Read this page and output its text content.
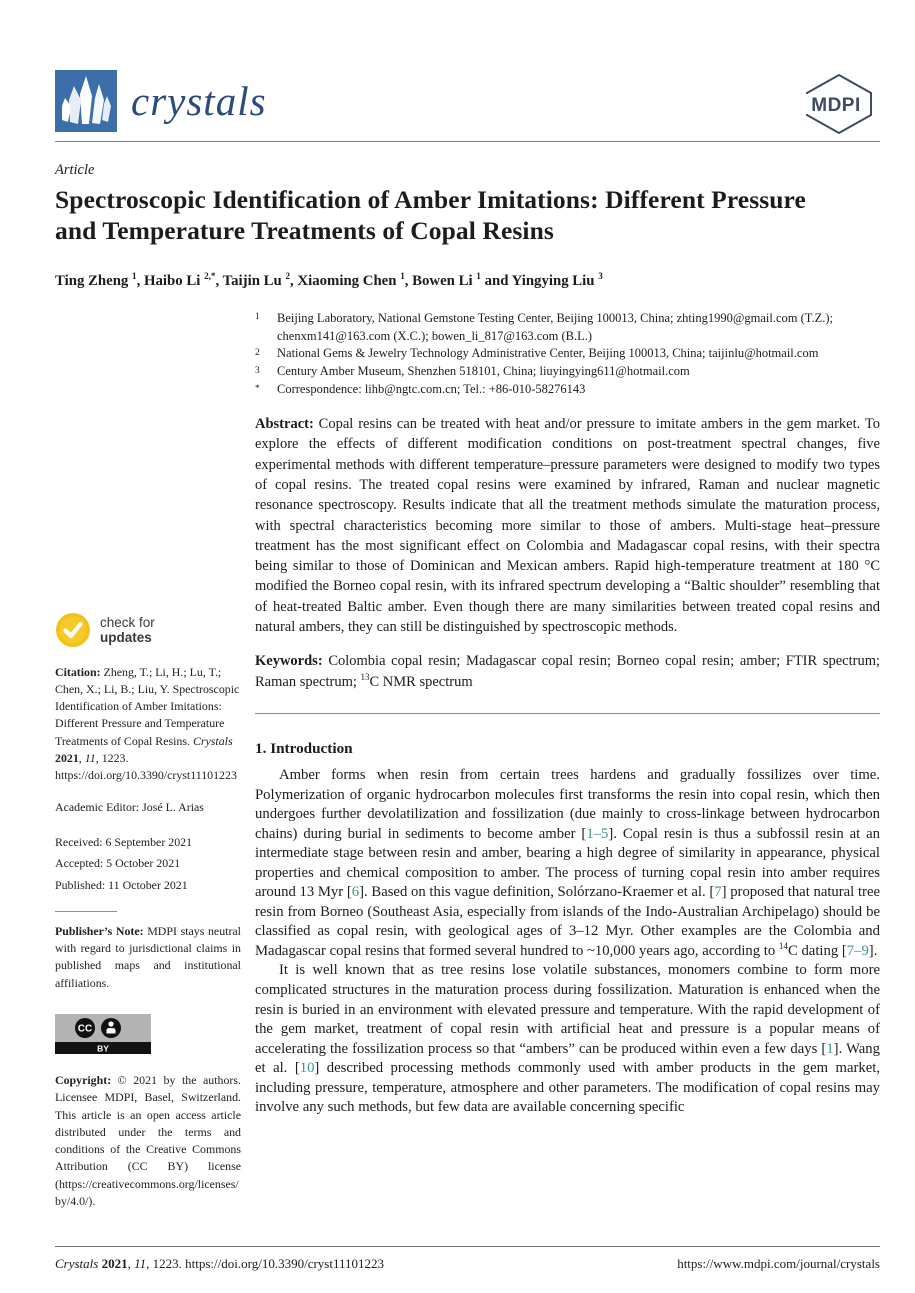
crystals	MDPI
Article
Spectroscopic Identification of Amber Imitations: Different Pressure and Temperature Treatments of Copal Resins
Ting Zheng $^1$, Haibo Li $^{2,*}$, Taijin Lu $^2$, Xiaoming Chen $^1$, Bowen Li $^1$ and Yingying Liu $^3$
check for
updates
Citation: Zheng, T.; Li, H.; Lu, T.; Chen, X.; Li, B.; Liu, Y. Spectroscopic Identification of Amber Imitations: Different Pressure and Temperature Treatments of Copal Resins. Crystals 2021, 11, 1223. https://doi.org/10.3390/cryst11101223
Academic Editor: José L. Arias
Received: 6 September 2021
Accepted: 5 October 2021
Published: 11 October 2021
Publisher’s Note: MDPI stays neutral with regard to jurisdictional claims in published maps and institutional affiliations.
CC
BY
Copyright: © 2021 by the authors. Licensee MDPI, Basel, Switzerland. This article is an open access article distributed under the terms and conditions of the Creative Commons Attribution (CC BY) license (https://creativecommons.org/licenses/by/4.0/).
1	Beijing Laboratory, National Gemstone Testing Center, Beijing 100013, China; zhting1990@gmail.com (T.Z.); chenxm141@163.com (X.C.); bowen_li_817@163.com (B.L.)
2	National Gems & Jewelry Technology Administrative Center, Beijing 100013, China; taijinlu@hotmail.com
3	Century Amber Museum, Shenzhen 518101, China; liuyingying611@hotmail.com
*	Correspondence: lihb@ngtc.com.cn; Tel.: +86-010-58276143

Abstract: Copal resins can be treated with heat and/or pressure to imitate ambers in the gem market. To explore the effects of different modification conditions on post-treatment spectral changes, five experimental methods with different temperature–pressure parameters were designed to modify two types of copal resins. The treated copal resins were examined by infrared, Raman and nuclear magnetic resonance spectroscopy. Results indicate that all the treatment methods simulate the maturation process, with spectral characteristics becoming more similar to those of ambers. Multi-stage heat–pressure treatment has the most significant effect on Colombia and Madagascar copal resins, with their spectra being similar to those of Dominican and Mexican ambers. Rapid high-temperature treatment at 180 °C modified the Borneo copal resin, with its infrared spectrum developing a “Baltic shoulder” resembling that of heat-treated Baltic amber. Even though there are many similarities between treated copal resins and natural ambers, they can still be distinguished by spectroscopic methods.

Keywords: Colombia copal resin; Madagascar copal resin; Borneo copal resin; amber; FTIR spectrum; Raman spectrum; $^{13}$C NMR spectrum

1. Introduction

Amber forms when resin from certain trees hardens and gradually fossilizes over time. Polymerization of organic hydrocarbon molecules first transforms the resin into copal resin, which then undergoes further devolatilization and fossilization (due mainly to cross-linkage between hydrocarbon chains) during burial in sediments to become amber [1–5]. Copal resin is thus a subfossil resin at an intermediate stage between resin and amber, bearing a high degree of similarity in appearance, physical properties and chemical composition to amber. The process of turning copal resin into amber requires around 13 Myr [6]. Based on this vague definition, Solórzano-Kraemer et al. [7] proposed that natural tree resin from Borneo (Southeast Asia, especially from islands of the Indo-Australian Archipelago) should be classified as copal resin, with geological ages of 3–12 Myr. Other examples are the Colombia and Madagascar copal resins that formed several hundred to ~10,000 years ago, according to $^{14}$C dating [7–9].

It is well known that as tree resins lose volatile substances, monomers combine to form more complicated structures in the maturation process during fossilization. Maturation is enhanced when the resin is buried in an environment with elevated pressure and temperature. With the rapid development of the gem market, treatment of copal resin with artificial heat and pressure is a popular means of accelerating the fossilization process so that “ambers” can be produced within even a few days [1]. Wang et al. [10] described processing methods commonly used with amber products in the gem market, including pressure, temperature, atmosphere and other parameters. The modification of copal resins may involve any such methods, but few data are available concerning specific

Crystals 2021, 11, 1223. https://doi.org/10.3390/cryst11101223	https://www.mdpi.com/journal/crystals
